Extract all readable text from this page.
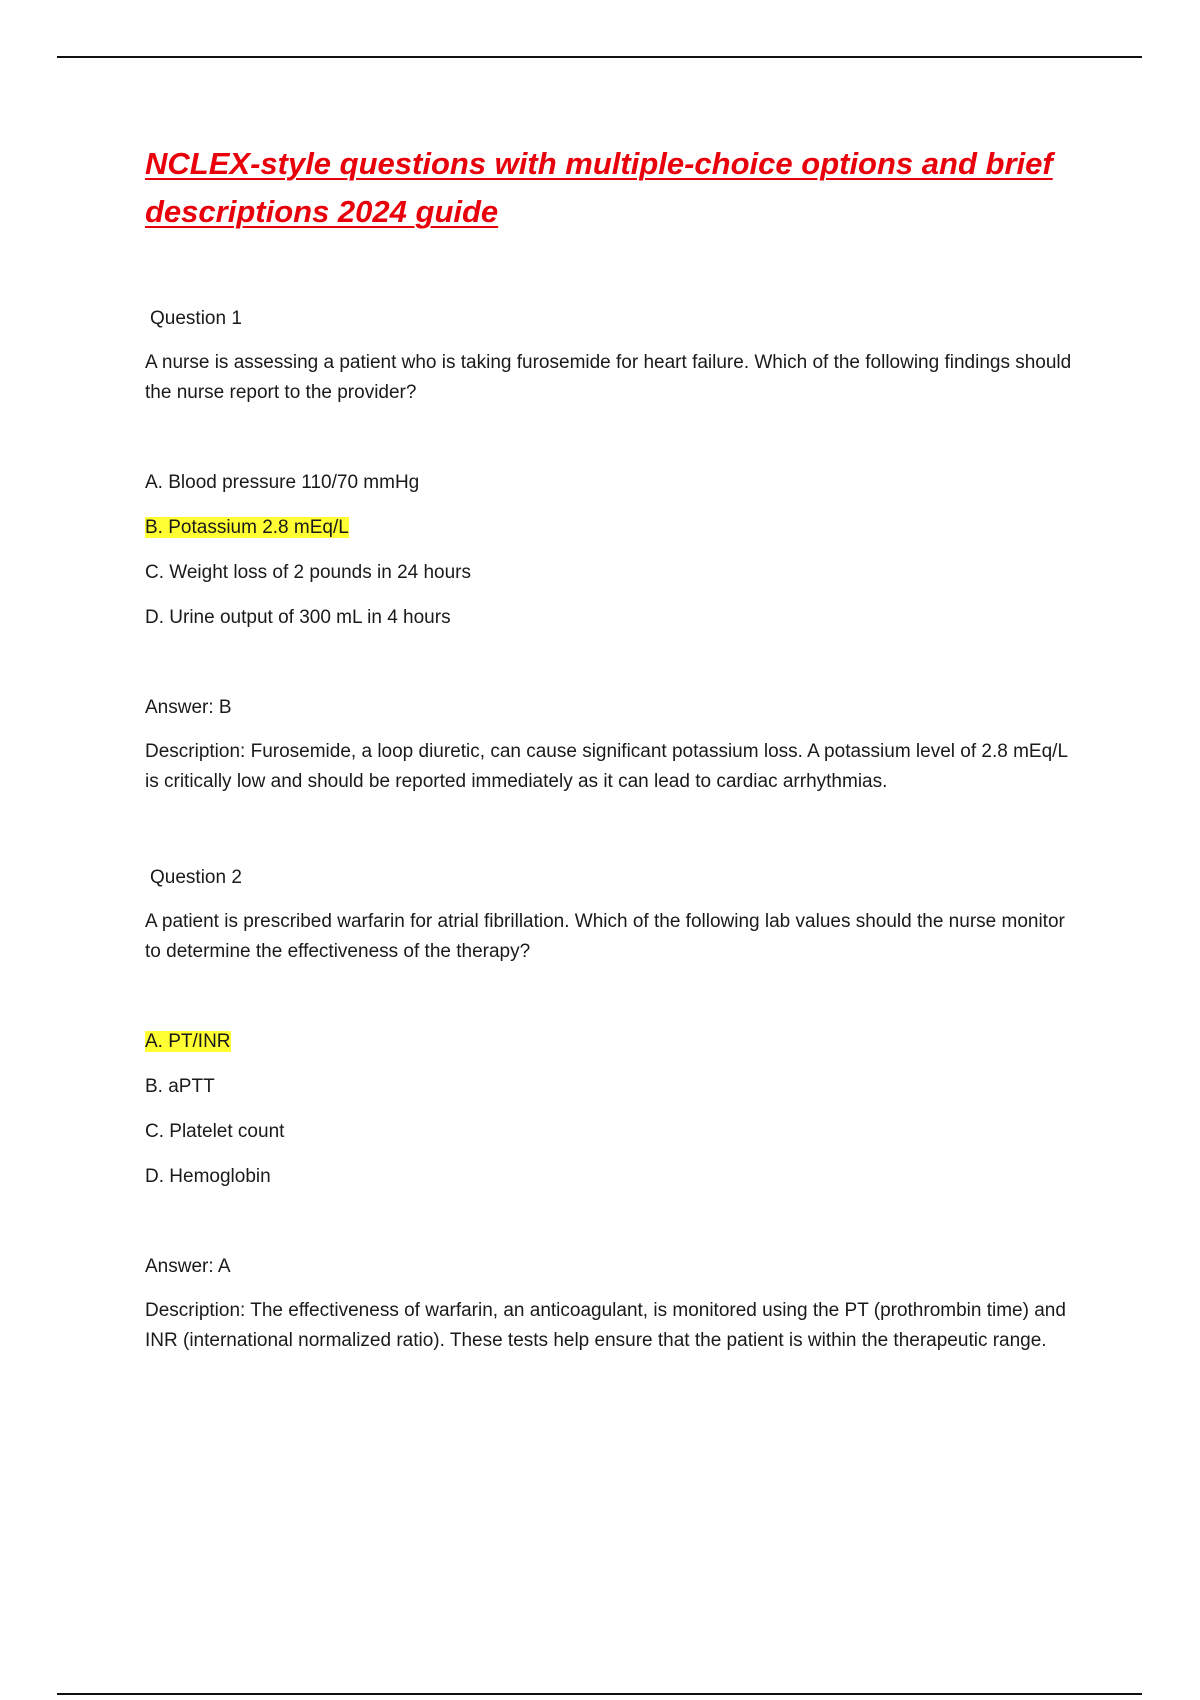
NCLEX-style questions with multiple-choice options and brief descriptions 2024 guide
Question 1
A nurse is assessing a patient who is taking furosemide for heart failure. Which of the following findings should the nurse report to the provider?
A. Blood pressure 110/70 mmHg
B. Potassium 2.8 mEq/L
C. Weight loss of 2 pounds in 24 hours
D. Urine output of 300 mL in 4 hours
Answer: B
Description: Furosemide, a loop diuretic, can cause significant potassium loss. A potassium level of 2.8 mEq/L is critically low and should be reported immediately as it can lead to cardiac arrhythmias.
Question 2
A patient is prescribed warfarin for atrial fibrillation. Which of the following lab values should the nurse monitor to determine the effectiveness of the therapy?
A. PT/INR
B. aPTT
C. Platelet count
D. Hemoglobin
Answer: A
Description: The effectiveness of warfarin, an anticoagulant, is monitored using the PT (prothrombin time) and INR (international normalized ratio). These tests help ensure that the patient is within the therapeutic range.
